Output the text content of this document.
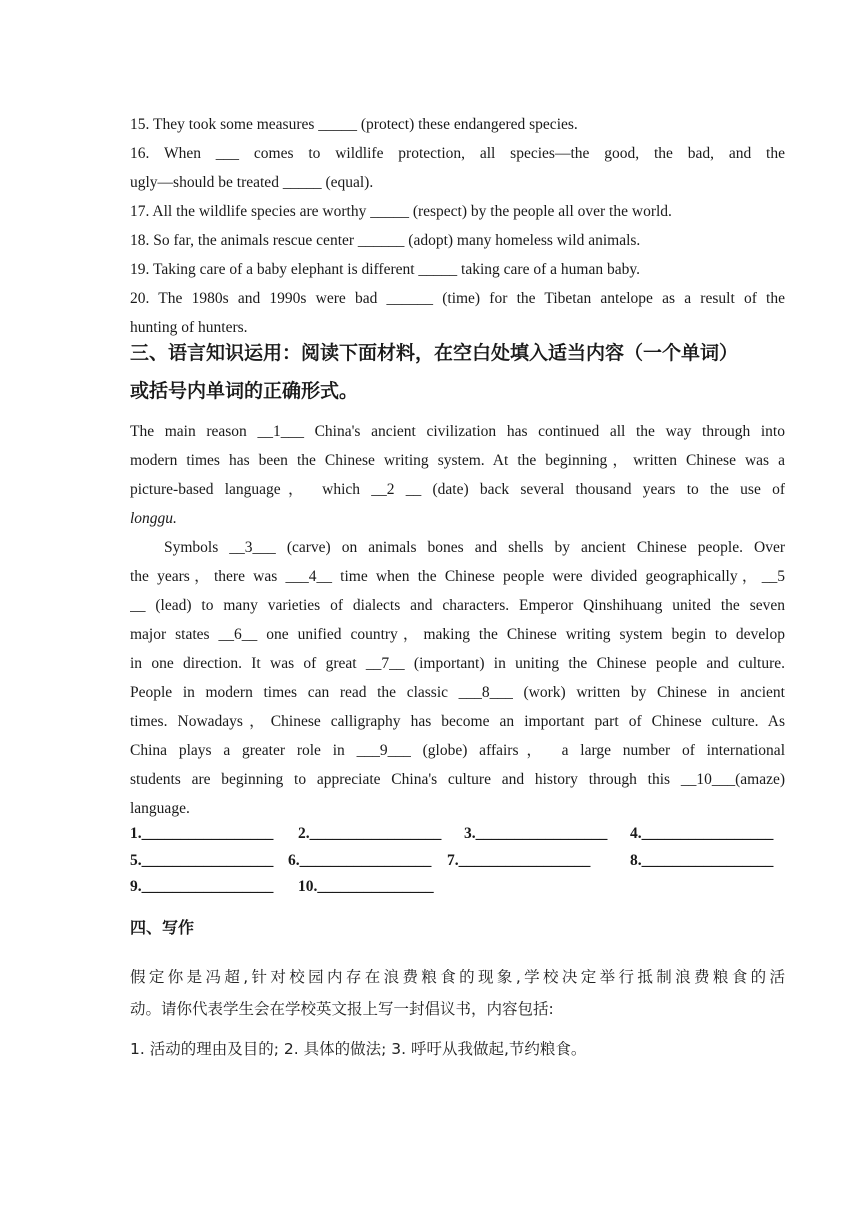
15. They took some measures _____ (protect) these endangered species.
16. When ___ comes to wildlife protection, all species—the good, the bad, and the
ugly—should be treated _____ (equal).
17. All the wildlife species are worthy _____ (respect) by the people all over the world.
18. So far, the animals rescue center ______ (adopt) many homeless wild animals.
19. Taking care of a baby elephant is different _____ taking care of a human baby.
20. The 1980s and 1990s were bad ______ (time) for the Tibetan antelope as a result of the
hunting of hunters.
三、语言知识运用：阅读下面材料，在空白处填入适当内容（一个单词）
或括号内单词的正确形式。
The main reason __1___ China's ancient civilization has continued all the way through into
modern times has been the Chinese writing system. At the beginning，written Chinese was a
picture-based language， which __2 __ (date) back several thousand years to the use of
longgu.
Symbols __3___ (carve) on animals bones and shells by ancient Chinese people. Over
the years，there was ___4__ time when the Chinese people were divided geographically，__5
__ (lead) to many varieties of dialects and characters. Emperor Qinshihuang united the seven
major states __6__ one unified country，making the Chinese writing system begin to develop
in one direction. It was of great __7__ (important) in uniting the Chinese people and culture.
People in modern times can read the classic ___8___ (work) written by Chinese in ancient
times. Nowadays，Chinese calligraphy has become an important part of Chinese culture. As
China plays a greater role in ___9___ (globe) affairs， a large number of international
students are beginning to appreciate China's culture and history through this __10___(amaze)
language.
1._________________ 2._________________ 3._________________ 4._________________
5._________________ 6._________________ 7._________________	8._________________
9._________________ 10._______________
四、写作
假定你是冯超,针对校园内存在浪费粮食的现象,学校决定举行抵制浪费粮食的活
动。请你代表学生会在学校英文报上写一封倡议书，内容包括:
1. 活动的理由及目的; 2. 具体的做法; 3. 呼吁从我做起,节约粮食。
